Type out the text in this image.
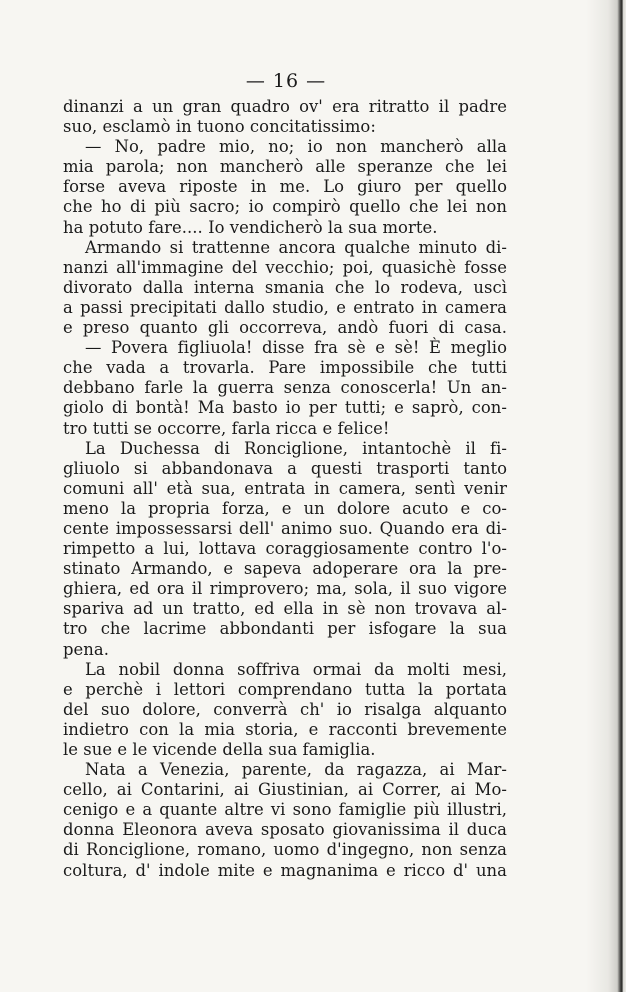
— 16 —
dinanzi a un gran quadro ov' era ritratto il padre
suo, esclamò in tuono concitatissimo:
— No, padre mio, no; io non mancherò alla
mia parola; non mancherò alle speranze che lei
forse aveva riposte in me. Lo giuro per quello
che ho di più sacro; io compirò quello che lei non
ha potuto fare.... Io vendicherò la sua morte.
Armando si trattenne ancora qualche minuto di-
nanzi all'immagine del vecchio; poi, quasichè fosse
divorato dalla interna smania che lo rodeva, uscì
a passi precipitati dallo studio, e entrato in camera
e preso quanto gli occorreva, andò fuori di casa.
— Povera figliuola! disse fra sè e sè! È meglio
che vada a trovarla. Pare impossibile che tutti
debbano farle la guerra senza conoscerla! Un an-
giolo di bontà! Ma basto io per tutti; e saprò, con-
tro tutti se occorre, farla ricca e felice!
La Duchessa di Ronciglione, intantochè il fi-
gliuolo si abbandonava a questi trasporti tanto
comuni all' età sua, entrata in camera, sentì venir
meno la propria forza, e un dolore acuto e co-
cente impossessarsi dell' animo suo. Quando era di-
rimpetto a lui, lottava coraggiosamente contro l'o-
stinato Armando, e sapeva adoperare ora la pre-
ghiera, ed ora il rimprovero; ma, sola, il suo vigore
spariva ad un tratto, ed ella in sè non trovava al-
tro che lacrime abbondanti per isfogare la sua
pena.
La nobil donna soffriva ormai da molti mesi,
e perchè i lettori comprendano tutta la portata
del suo dolore, converrà ch' io risalga alquanto
indietro con la mia storia, e racconti brevemente
le sue e le vicende della sua famiglia.
Nata a Venezia, parente, da ragazza, ai Mar-
cello, ai Contarini, ai Giustinian, ai Correr, ai Mo-
cenigo e a quante altre vi sono famiglie più illustri,
donna Eleonora aveva sposato giovanissima il duca
di Ronciglione, romano, uomo d'ingegno, non senza
coltura, d' indole mite e magnanima e ricco d' una
